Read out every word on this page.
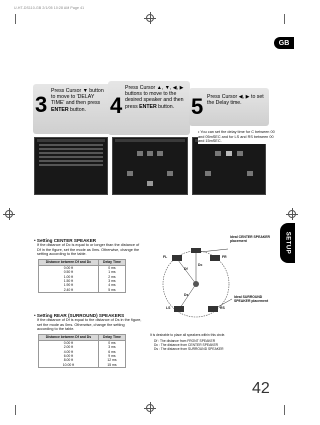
U-HT-DS110-GB 2/1/05 10:28 AM Page 41
GB
3
Press Cursor ▼ button to move to 'DELAY TIME' and then press ENTER button.	4
Press Cursor ▲, ▼, ◀, ▶ buttons to move to the desired speaker and then press ENTER button. 5 Press Cursor ◀, ▶ to set the Delay time.
• You can set the delay time for C between 00 and 05mSEC and for LS and RS between 00 and 15mSEC.
SETUP
• Setting CENTER SPEAKER
If the distance of Dc is equal to or longer than the distance of Df in the figure, set the mode as 0ms. Otherwise, change the setting according to the table.
Distance between Df and Dc	Delay Time
0.00 ft	0 ms
0.50 ft	1 ms
1.00 ft	2 ms
1.50 ft	3 ms
1.90 ft	4 ms
2.40 ft	5 ms
• Setting REAR (SURROUND) SPEAKERS
If the distance of Df is equal to the distance of Ds in the figure, set the mode as 0ms. Otherwise, change the setting according to the table.
Distance between Df and Ds	Delay Time
0.00 ft	0 ms
2.00 ft	3 ms
4.00 ft	6 ms
6.00 ft	9 ms
8.00 ft	12 ms
10.00 ft	15 ms
Ideal CENTER SPEAKER placement
Ideal SURROUND SPEAKER placement
C
FL	FR
LS	RS
Df
Dc
Ds
It is desirable to place all speakers within this circle.
Df : The distance from FRONT SPEAKER
Dc : The distance from CENTER SPEAKER
Ds : The distance from SURROUND SPEAKER
42
